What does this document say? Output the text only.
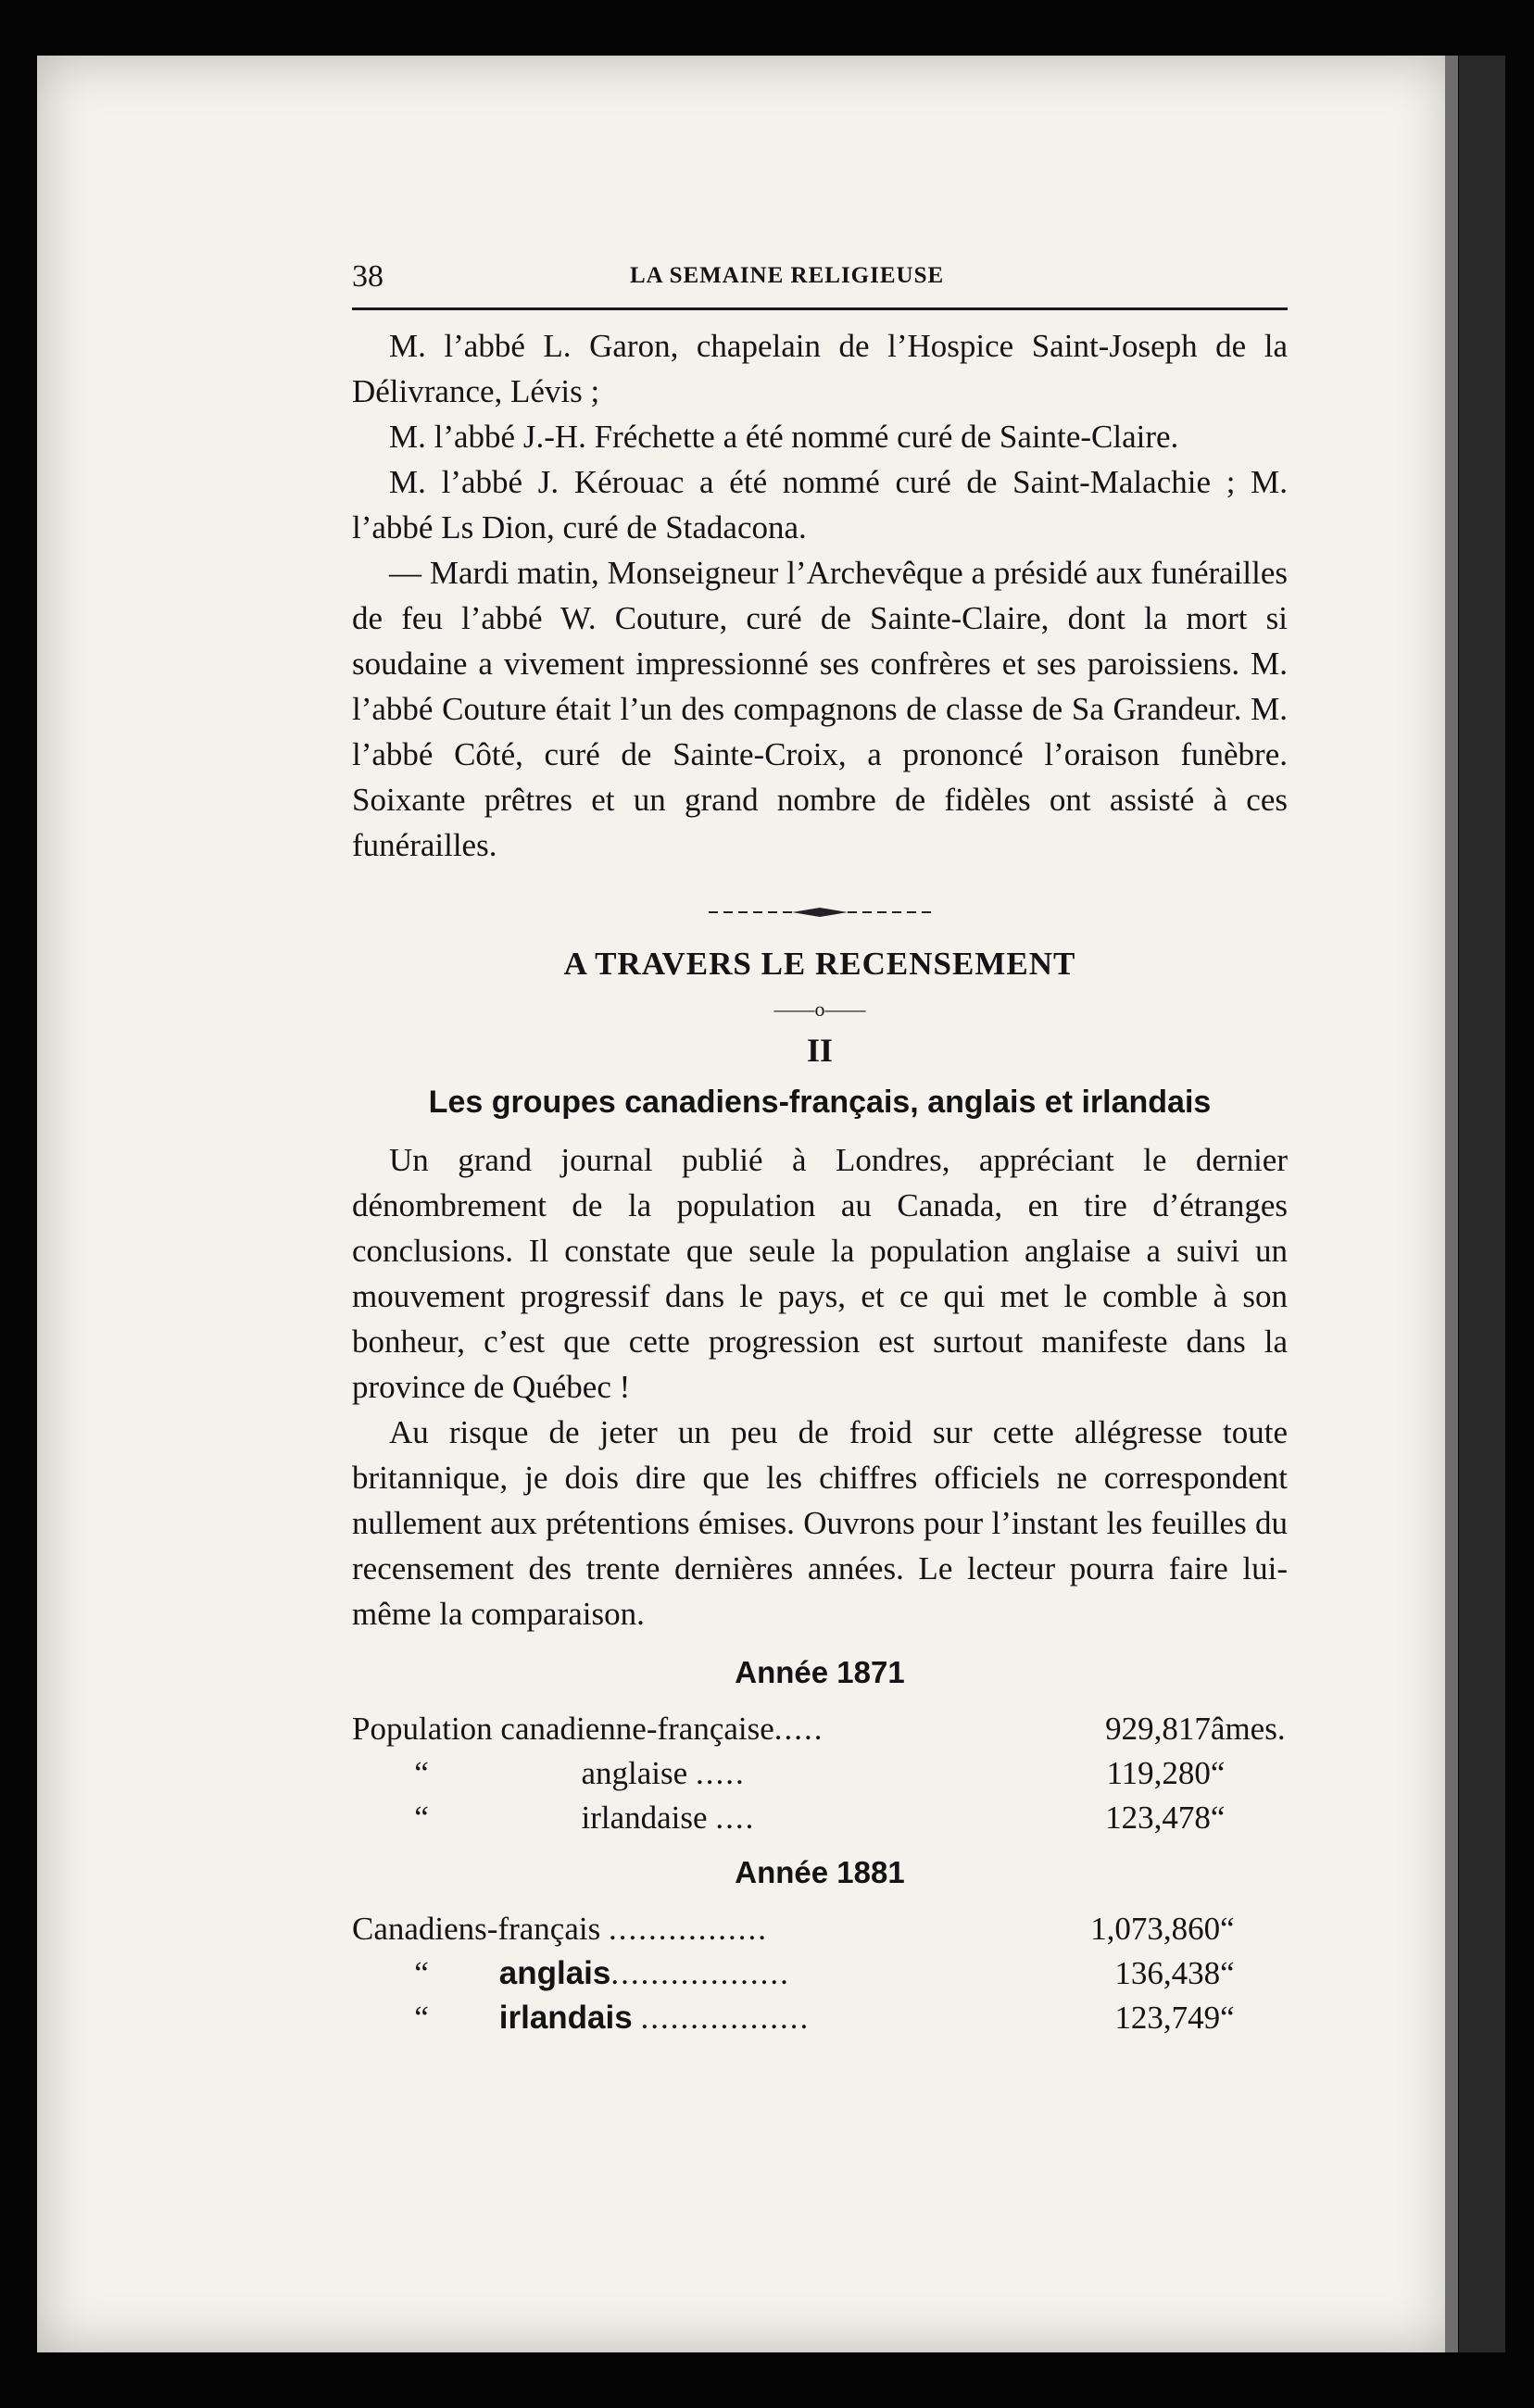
38	LA SEMAINE RELIGIEUSE

M. l’abbé L. Garon, chapelain de l’Hospice Saint-Joseph de la Délivrance, Lévis ;

M. l’abbé J.-H. Fréchette a été nommé curé de Sainte-Claire.

M. l’abbé J. Kérouac a été nommé curé de Saint-Malachie ; M. l’abbé Ls Dion, curé de Stadacona.

— Mardi matin, Monseigneur l’Archevêque a présidé aux funérailles de feu l’abbé W. Couture, curé de Sainte-Claire, dont la mort si soudaine a vivement impressionné ses confrères et ses paroissiens. M. l’abbé Couture était l’un des compagnons de classe de Sa Grandeur. M. l’abbé Côté, curé de Sainte-Croix, a prononcé l’oraison funèbre. Soixante prêtres et un grand nombre de fidèles ont assisté à ces funérailles.

A TRAVERS LE RECENSEMENT

——o——

II

Les groupes canadiens-français, anglais et irlandais

Un grand journal publié à Londres, appréciant le dernier dénombrement de la population au Canada, en tire d’étranges conclusions. Il constate que seule la population anglaise a suivi un mouvement progressif dans le pays, et ce qui met le comble à son bonheur, c’est que cette progression est surtout manifeste dans la province de Québec !

Au risque de jeter un peu de froid sur cette allégresse toute britannique, je dois dire que les chiffres officiels ne correspondent nullement aux prétentions émises. Ouvrons pour l’instant les feuilles du recensement des trente dernières années. Le lecteur pourra faire lui-même la comparaison.

Année 1871

Population canadienne-française.....	929,817	âmes.
“ anglaise .....	119,280	“
“ irlandaise ....	123,478	“

Année 1881

Canadiens-français ................	1,073,860	“
“ anglais..................	136,438	“
“ irlandais .................	123,749	“
